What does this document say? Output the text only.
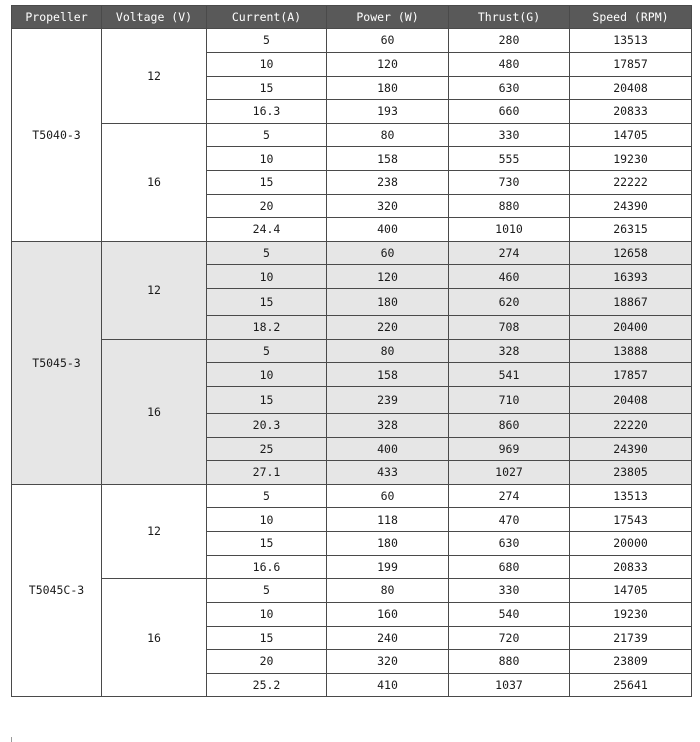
Propeller	Voltage (V)	Current(A)	Power (W)	Thrust(G)	Speed (RPM)
T5040-3	12	5	60	280	13513
		10	120	480	17857
		15	180	630	20408
		16.3	193	660	20833
	16	5	80	330	14705
		10	158	555	19230
		15	238	730	22222
		20	320	880	24390
		24.4	400	1010	26315
T5045-3	12	5	60	274	12658
		10	120	460	16393
		15	180	620	18867
		18.2	220	708	20400
	16	5	80	328	13888
		10	158	541	17857
		15	239	710	20408
		20.3	328	860	22220
		25	400	969	24390
		27.1	433	1027	23805
T5045C-3	12	5	60	274	13513
		10	118	470	17543
		15	180	630	20000
		16.6	199	680	20833
	16	5	80	330	14705
		10	160	540	19230
		15	240	720	21739
		20	320	880	23809
		25.2	410	1037	25641
